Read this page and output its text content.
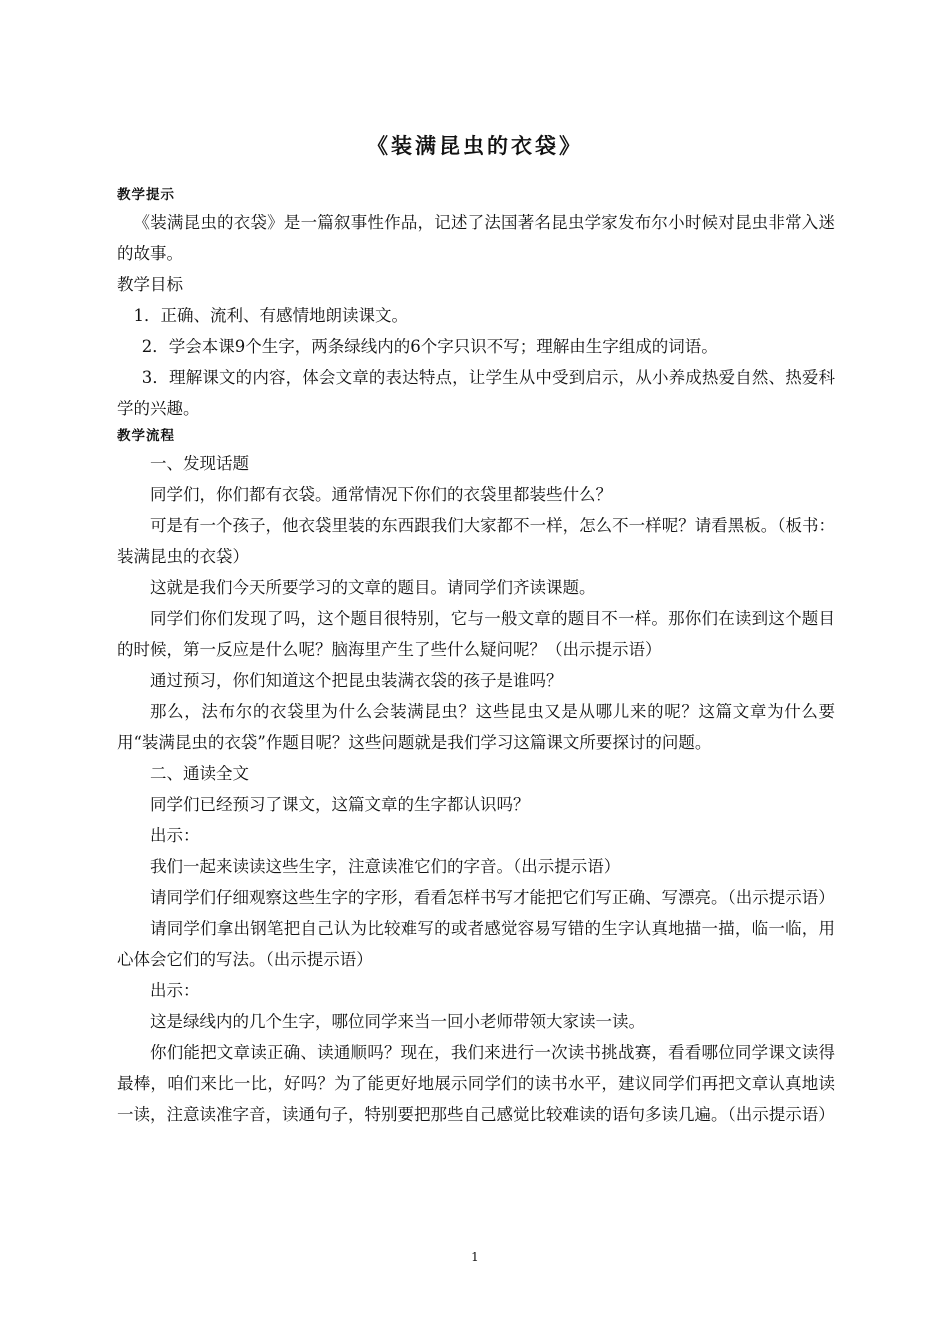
《装满昆虫的衣袋》

教学提示

《装满昆虫的衣袋》是一篇叙事性作品，记述了法国著名昆虫学家发布尔小时候对昆虫非常入迷的故事。

教学目标

1．正确、流利、有感情地朗读课文。

2．学会本课9个生字，两条绿线内的6个字只识不写；理解由生字组成的词语。

3．理解课文的内容，体会文章的表达特点，让学生从中受到启示，从小养成热爱自然、热爱科学的兴趣。

教学流程

一、发现话题

同学们，你们都有衣袋。通常情况下你们的衣袋里都装些什么？

可是有一个孩子，他衣袋里装的东西跟我们大家都不一样，怎么不一样呢？请看黑板。（板书：装满昆虫的衣袋）

这就是我们今天所要学习的文章的题目。请同学们齐读课题。

同学们你们发现了吗，这个题目很特别，它与一般文章的题目不一样。那你们在读到这个题目的时候，第一反应是什么呢？脑海里产生了些什么疑问呢？（出示提示语）

通过预习，你们知道这个把昆虫装满衣袋的孩子是谁吗？

那么，法布尔的衣袋里为什么会装满昆虫？这些昆虫又是从哪儿来的呢？这篇文章为什么要用“装满昆虫的衣袋”作题目呢？这些问题就是我们学习这篇课文所要探讨的问题。

二、通读全文

同学们已经预习了课文，这篇文章的生字都认识吗？

出示：

我们一起来读读这些生字，注意读准它们的字音。（出示提示语）

请同学们仔细观察这些生字的字形，看看怎样书写才能把它们写正确、写漂亮。（出示提示语）

请同学们拿出钢笔把自己认为比较难写的或者感觉容易写错的生字认真地描一描，临一临，用心体会它们的写法。（出示提示语）

出示：

这是绿线内的几个生字，哪位同学来当一回小老师带领大家读一读。

你们能把文章读正确、读通顺吗？现在，我们来进行一次读书挑战赛，看看哪位同学课文读得最棒，咱们来比一比，好吗？为了能更好地展示同学们的读书水平，建议同学们再把文章认真地读一读，注意读准字音，读通句子，特别要把那些自己感觉比较难读的语句多读几遍。（出示提示语）

1
